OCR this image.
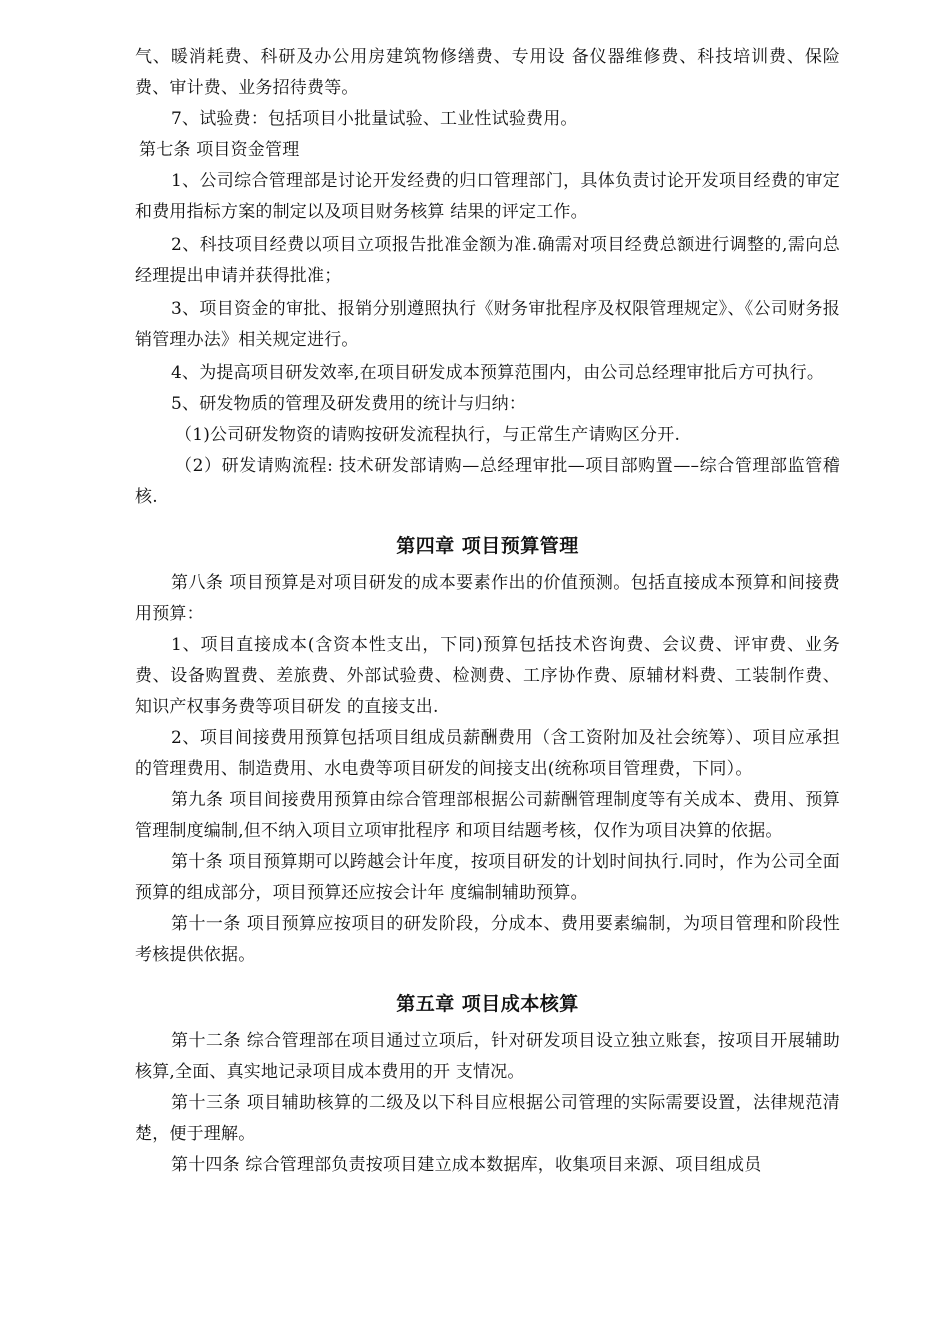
气、暖消耗费、科研及办公用房建筑物修缮费、专用设 备仪器维修费、科技培训费、保险费、审计费、业务招待费等。

7、试验费：包括项目小批量试验、工业性试验费用。

第七条 项目资金管理

1、公司综合管理部是讨论开发经费的归口管理部门，具体负责讨论开发项目经费的审定和费用指标方案的制定以及项目财务核算 结果的评定工作。

2、科技项目经费以项目立项报告批准金额为准.确需对项目经费总额进行调整的,需向总经理提出申请并获得批准；

3、项目资金的审批、报销分别遵照执行《财务审批程序及权限管理规定》、《公司财务报销管理办法》相关规定进行。

4、为提高项目研发效率,在项目研发成本预算范围内，由公司总经理审批后方可执行。

5、研发物质的管理及研发费用的统计与归纳：

（1)公司研发物资的请购按研发流程执行，与正常生产请购区分开.

（2）研发请购流程: 技术研发部请购—总经理审批—项目部购置—–综合管理部监管稽核.

第四章 项目预算管理

第八条 项目预算是对项目研发的成本要素作出的价值预测。包括直接成本预算和间接费用预算：

1、项目直接成本(含资本性支出，下同)预算包括技术咨询费、会议费、评审费、业务费、设备购置费、差旅费、外部试验费、检测费、工序协作费、原辅材料费、工装制作费、知识产权事务费等项目研发 的直接支出.

2、项目间接费用预算包括项目组成员薪酬费用（含工资附加及社会统筹）、项目应承担的管理费用、制造费用、水电费等项目研发的间接支出(统称项目管理费，下同）。

第九条 项目间接费用预算由综合管理部根据公司薪酬管理制度等有关成本、费用、预算管理制度编制,但不纳入项目立项审批程序 和项目结题考核，仅作为项目决算的依据。

第十条 项目预算期可以跨越会计年度，按项目研发的计划时间执行.同时，作为公司全面预算的组成部分，项目预算还应按会计年 度编制辅助预算。

第十一条 项目预算应按项目的研发阶段，分成本、费用要素编制，为项目管理和阶段性考核提供依据。

第五章 项目成本核算

第十二条 综合管理部在项目通过立项后，针对研发项目设立独立账套，按项目开展辅助核算,全面、真实地记录项目成本费用的开 支情况。

第十三条 项目辅助核算的二级及以下科目应根据公司管理的实际需要设置，法律规范清楚，便于理解。

第十四条 综合管理部负责按项目建立成本数据库，收集项目来源、项目组成员
